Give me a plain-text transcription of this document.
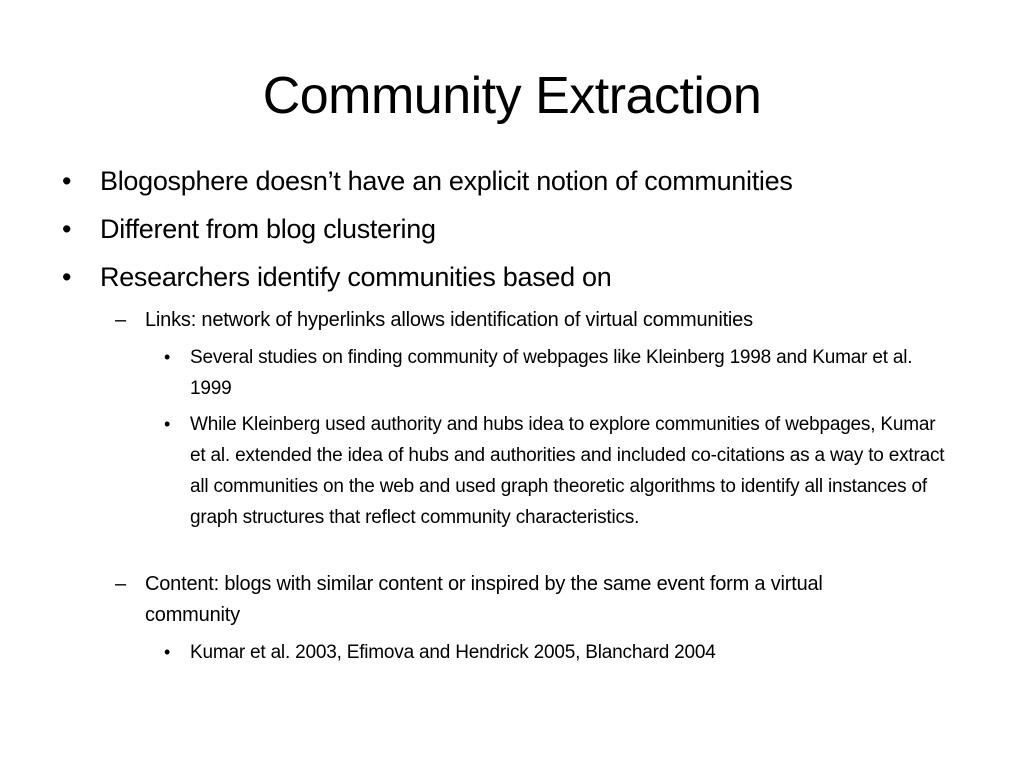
Community Extraction
•	Blogosphere doesn’t have an explicit notion of communities
•	Different from blog clustering
•	Researchers identify communities based on
– Links: network of hyperlinks allows identification of virtual communities
•	Several studies on finding community of webpages like Kleinberg 1998 and Kumar et al. 1999
•	While Kleinberg used authority and hubs idea to explore communities of webpages, Kumar et al. extended the idea of hubs and authorities and included co-citations as a way to extract all communities on the web and used graph theoretic algorithms to identify all instances of graph structures that reflect community characteristics.
– Content: blogs with similar content or inspired by the same event form a virtual community
•	Kumar et al. 2003, Efimova and Hendrick 2005, Blanchard 2004
